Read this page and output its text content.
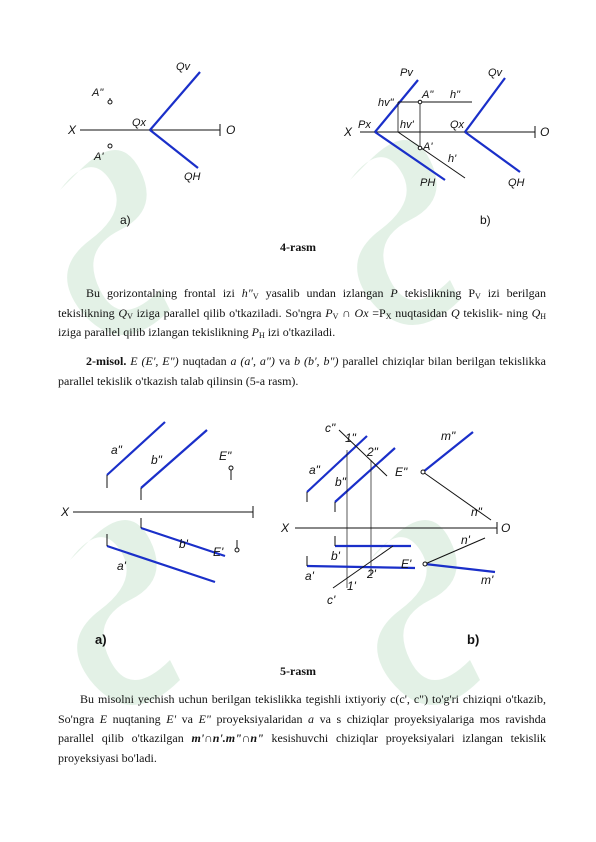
A"
A'
X	O
Qx
Qv
QH
a)
Pv	Qv
hv"
A" h"
X Px	hv'	Qx	O
A'
h'
PH	QH
b)
4-rasm

Bu gorizontalning frontal izi $h"_V$ yasalib undan izlangan P tekislikning $P_V$ izi berilgan tekislikning $Q_V$ iziga parallel qilib o'tkaziladi. So'ngra $P_V$ ∩ $Ox =P_X$ nuqtasidan Q tekislik- ning $Q_H$ iziga parallel qilib izlangan tekislikning $P_H$ izi o'tkaziladi.

2-misol. E (E', E") nuqtadan a (a', a") va b (b', b") parallel chiziqlar bilan berilgan tekislikka parallel tekislik o'tkazish talab qilinsin (5-a rasm).

a"
b"	E"
X
b'
E'
a'
a)
c"
1"
a"
2"
b"
E"
m"
n"
X	O
n'
b'
a'	2'
E'
1'
c'
m'
b)
5-rasm

Bu misolni yechish uchun berilgan tekislikka tegishli ixtiyoriy c(c', c") to'g'ri chiziqni o'tkazib, So'ngra E nuqtaning E' va E" proyeksiyalaridan a va s chiziqlar proyeksiyalariga mos ravishda parallel qilib o'tkazilgan m'∩n'.m"∩n" kesishuvchi chiziqlar proyeksiyalari izlangan tekislik proyeksiyasi bo'ladi.
